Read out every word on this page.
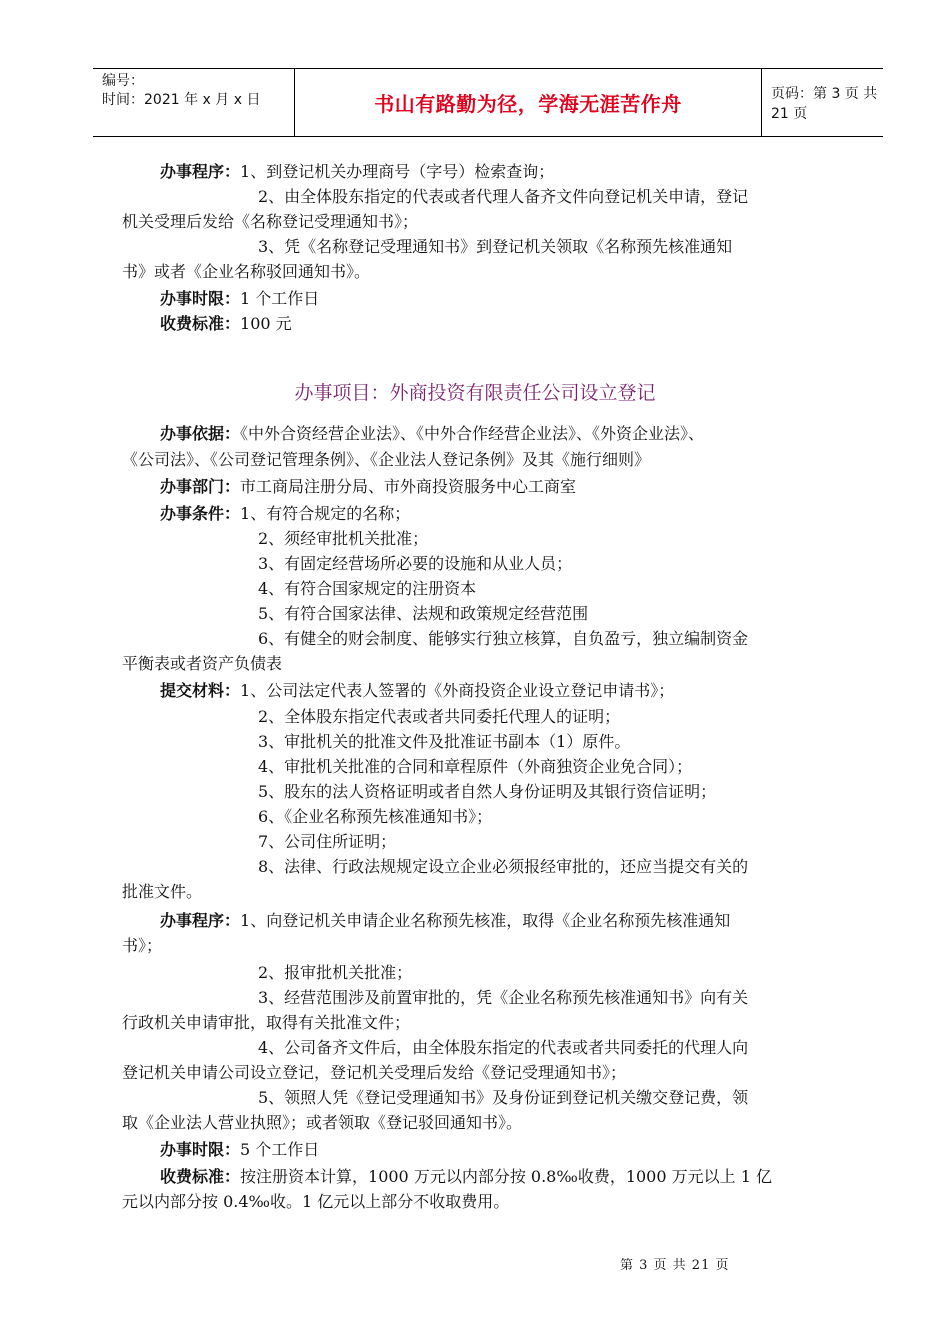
编号：
时间：2021 年 x 月 x 日	书山有路勤为径，学海无涯苦作舟	页码：第 3 页 共 21 页
办事程序：1、到登记机关办理商号（字号）检索查询；
2、由全体股东指定的代表或者代理人备齐文件向登记机关申请，登记
机关受理后发给《名称登记受理通知书》；
3、凭《名称登记受理通知书》到登记机关领取《名称预先核准通知
书》或者《企业名称驳回通知书》。
办事时限：1 个工作日
收费标准：100 元
办事项目：外商投资有限责任公司设立登记
办事依据：《中外合资经营企业法》、《中外合作经营企业法》、《外资企业法》、
《公司法》、《公司登记管理条例》、《企业法人登记条例》及其《施行细则》
办事部门：市工商局注册分局、市外商投资服务中心工商室
办事条件：1、有符合规定的名称；
2、须经审批机关批准；
3、有固定经营场所必要的设施和从业人员；
4、有符合国家规定的注册资本
5、有符合国家法律、法规和政策规定经营范围
6、有健全的财会制度、能够实行独立核算，自负盈亏，独立编制资金
平衡表或者资产负债表
提交材料：1、公司法定代表人签署的《外商投资企业设立登记申请书》；
2、全体股东指定代表或者共同委托代理人的证明；
3、审批机关的批准文件及批准证书副本（1）原件。
4、审批机关批准的合同和章程原件（外商独资企业免合同）；
5、股东的法人资格证明或者自然人身份证明及其银行资信证明；
6、《企业名称预先核准通知书》；
7、公司住所证明；
8、法律、行政法规规定设立企业必须报经审批的，还应当提交有关的
批准文件。
办事程序：1、向登记机关申请企业名称预先核准，取得《企业名称预先核准通知
书》；
2、报审批机关批准；
3、经营范围涉及前置审批的，凭《企业名称预先核准通知书》向有关
行政机关申请审批，取得有关批准文件；
4、公司备齐文件后，由全体股东指定的代表或者共同委托的代理人向
登记机关申请公司设立登记，登记机关受理后发给《登记受理通知书》；
5、领照人凭《登记受理通知书》及身份证到登记机关缴交登记费，领
取《企业法人营业执照》；或者领取《登记驳回通知书》。
办事时限：5 个工作日
收费标准：按注册资本计算，1000 万元以内部分按 0.8‰收费，1000 万元以上 1 亿
元以内部分按 0.4‰收。1 亿元以上部分不收取费用。
第 3 页 共 21 页
